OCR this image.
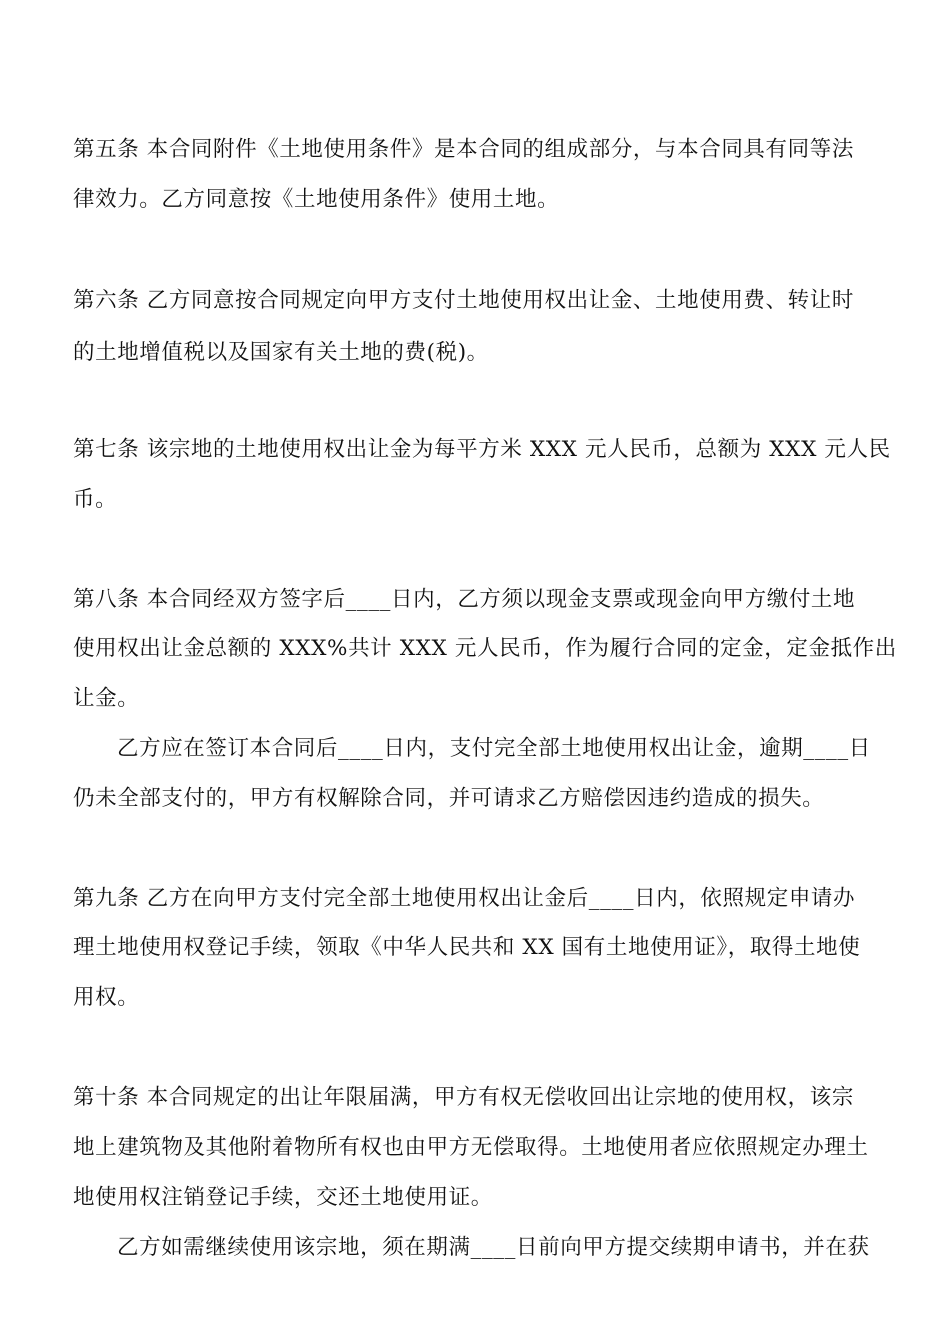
第五条 本合同附件《土地使用条件》是本合同的组成部分，与本合同具有同等法
律效力。乙方同意按《土地使用条件》使用土地。
第六条 乙方同意按合同规定向甲方支付土地使用权出让金、土地使用费、转让时
的土地增值税以及国家有关土地的费(税)。
第七条 该宗地的土地使用权出让金为每平方米 XXX 元人民币，总额为 XXX 元人民
币。
第八条 本合同经双方签字后____日内，乙方须以现金支票或现金向甲方缴付土地
使用权出让金总额的 XXX%共计 XXX 元人民币，作为履行合同的定金，定金抵作出
让金。
乙方应在签订本合同后____日内，支付完全部土地使用权出让金，逾期____日
仍未全部支付的，甲方有权解除合同，并可请求乙方赔偿因违约造成的损失。
第九条 乙方在向甲方支付完全部土地使用权出让金后____日内，依照规定申请办
理土地使用权登记手续，领取《中华人民共和 XX 国有土地使用证》，取得土地使
用权。
第十条 本合同规定的出让年限届满，甲方有权无偿收回出让宗地的使用权，该宗
地上建筑物及其他附着物所有权也由甲方无偿取得。土地使用者应依照规定办理土
地使用权注销登记手续，交还土地使用证。
乙方如需继续使用该宗地，须在期满____日前向甲方提交续期申请书，并在获
